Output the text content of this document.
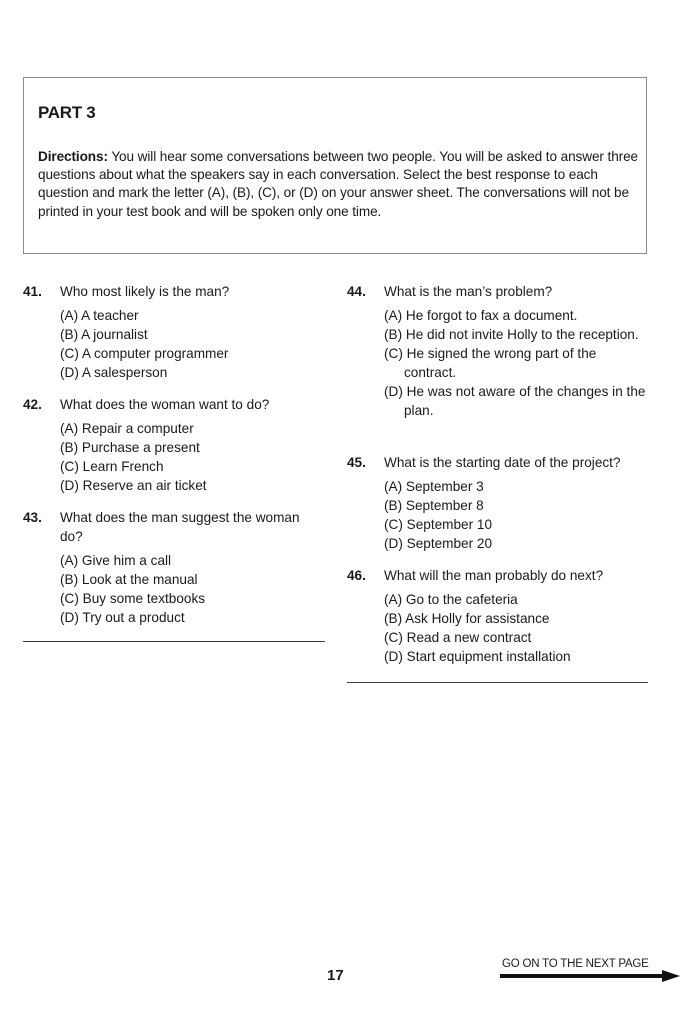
PART 3

Directions: You will hear some conversations between two people. You will be asked to answer three questions about what the speakers say in each conversation. Select the best response to each question and mark the letter (A), (B), (C), or (D) on your answer sheet. The conversations will not be printed in your test book and will be spoken only one time.

41. Who most likely is the man?
(A) A teacher
(B) A journalist
(C) A computer programmer
(D) A salesperson
42. What does the woman want to do?
(A) Repair a computer
(B) Purchase a present
(C) Learn French
(D) Reserve an air ticket
43. What does the man suggest the woman do?
(A) Give him a call
(B) Look at the manual
(C) Buy some textbooks
(D) Try out a product
44. What is the man’s problem?
(A) He forgot to fax a document.
(B) He did not invite Holly to the reception.
(C) He signed the wrong part of the contract.
(D) He was not aware of the changes in the plan.
45. What is the starting date of the project?
(A) September 3
(B) September 8
(C) September 10
(D) September 20
46. What will the man probably do next?
(A) Go to the cafeteria
(B) Ask Holly for assistance
(C) Read a new contract
(D) Start equipment installation
17
GO ON TO THE NEXT PAGE
